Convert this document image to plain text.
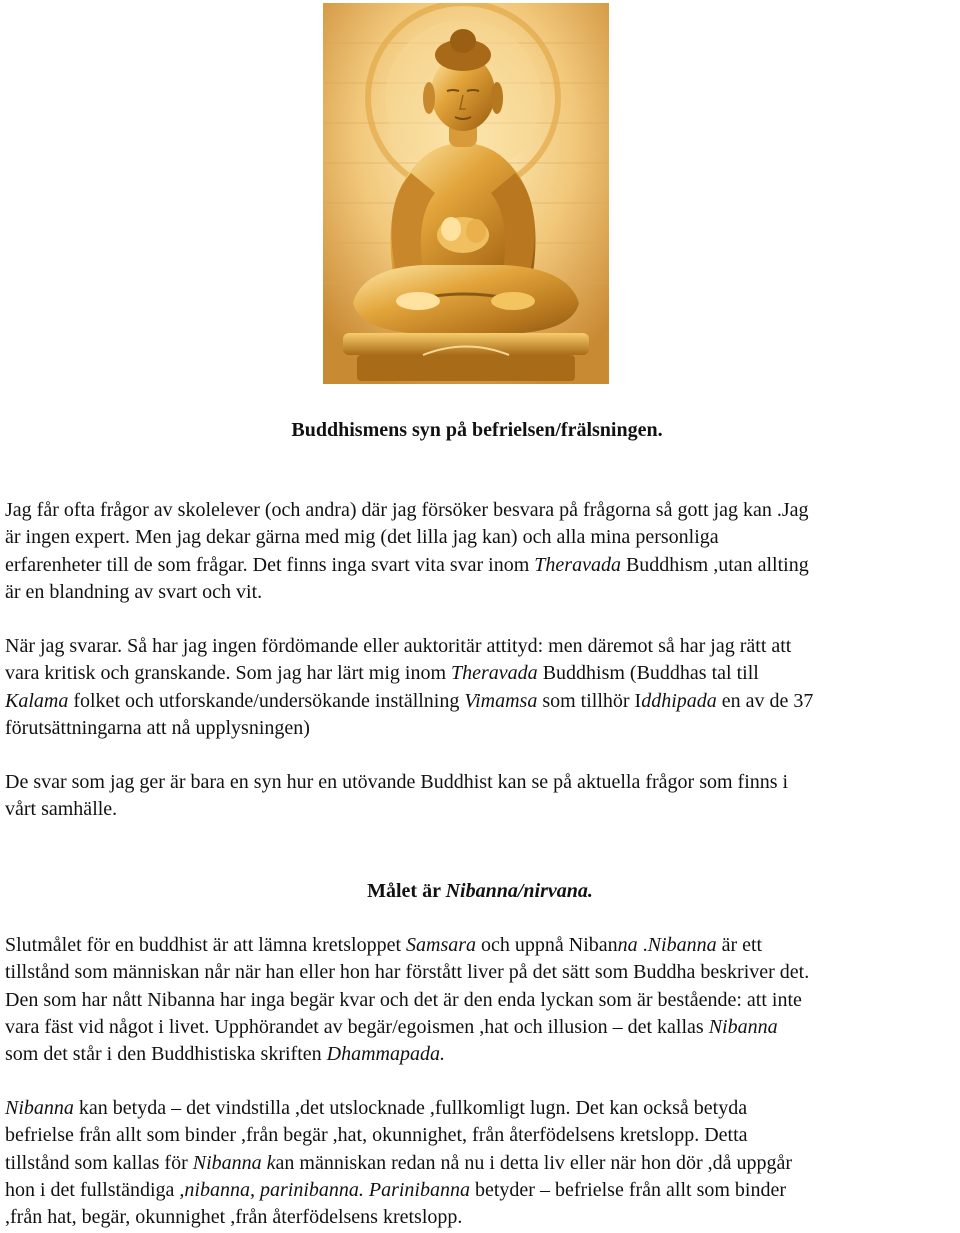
Buddhismens syn på befrielsen/frälsningen.
Jag får ofta frågor av skolelever (och andra) där jag försöker besvara på frågorna så gott jag kan .Jag
är ingen expert. Men jag dekar gärna med mig (det lilla jag kan) och alla mina personliga
erfarenheter till de som frågar. Det finns inga svart vita svar inom Theravada Buddhism ,utan allting
är en blandning av svart och vit.
När jag svarar. Så har jag ingen fördömande eller auktoritär attityd: men däremot så har jag rätt att
vara kritisk och granskande. Som jag har lärt mig inom Theravada Buddhism (Buddhas tal till
Kalama folket och utforskande/undersökande inställning Vimamsa som tillhör Iddhipada en av de 37
förutsättningarna att nå upplysningen)
De svar som jag ger är bara en syn hur en utövande Buddhist kan se på aktuella frågor som finns i
vårt samhälle.
Målet är Nibanna/nirvana.
Slutmålet för en buddhist är att lämna kretsloppet Samsara och uppnå Nibanna .Nibanna är ett
tillstånd som människan når när han eller hon har förstått liver på det sätt som Buddha beskriver det.
Den som har nått Nibanna har inga begär kvar och det är den enda lyckan som är bestående: att inte
vara fäst vid något i livet. Upphörandet av begär/egoismen ,hat och illusion – det kallas Nibanna
som det står i den Buddhistiska skriften Dhammapada.
Nibanna kan betyda – det vindstilla ,det utslocknade ,fullkomligt lugn. Det kan också betyda
befrielse från allt som binder ,från begär ,hat, okunnighet, från återfödelsens kretslopp. Detta
tillstånd som kallas för Nibanna kan människan redan nå nu i detta liv eller när hon dör ,då uppgår
hon i det fullständiga ,nibanna, parinibanna. Parinibanna betyder – befrielse från allt som binder
,från hat, begär, okunnighet ,från återfödelsens kretslopp.
